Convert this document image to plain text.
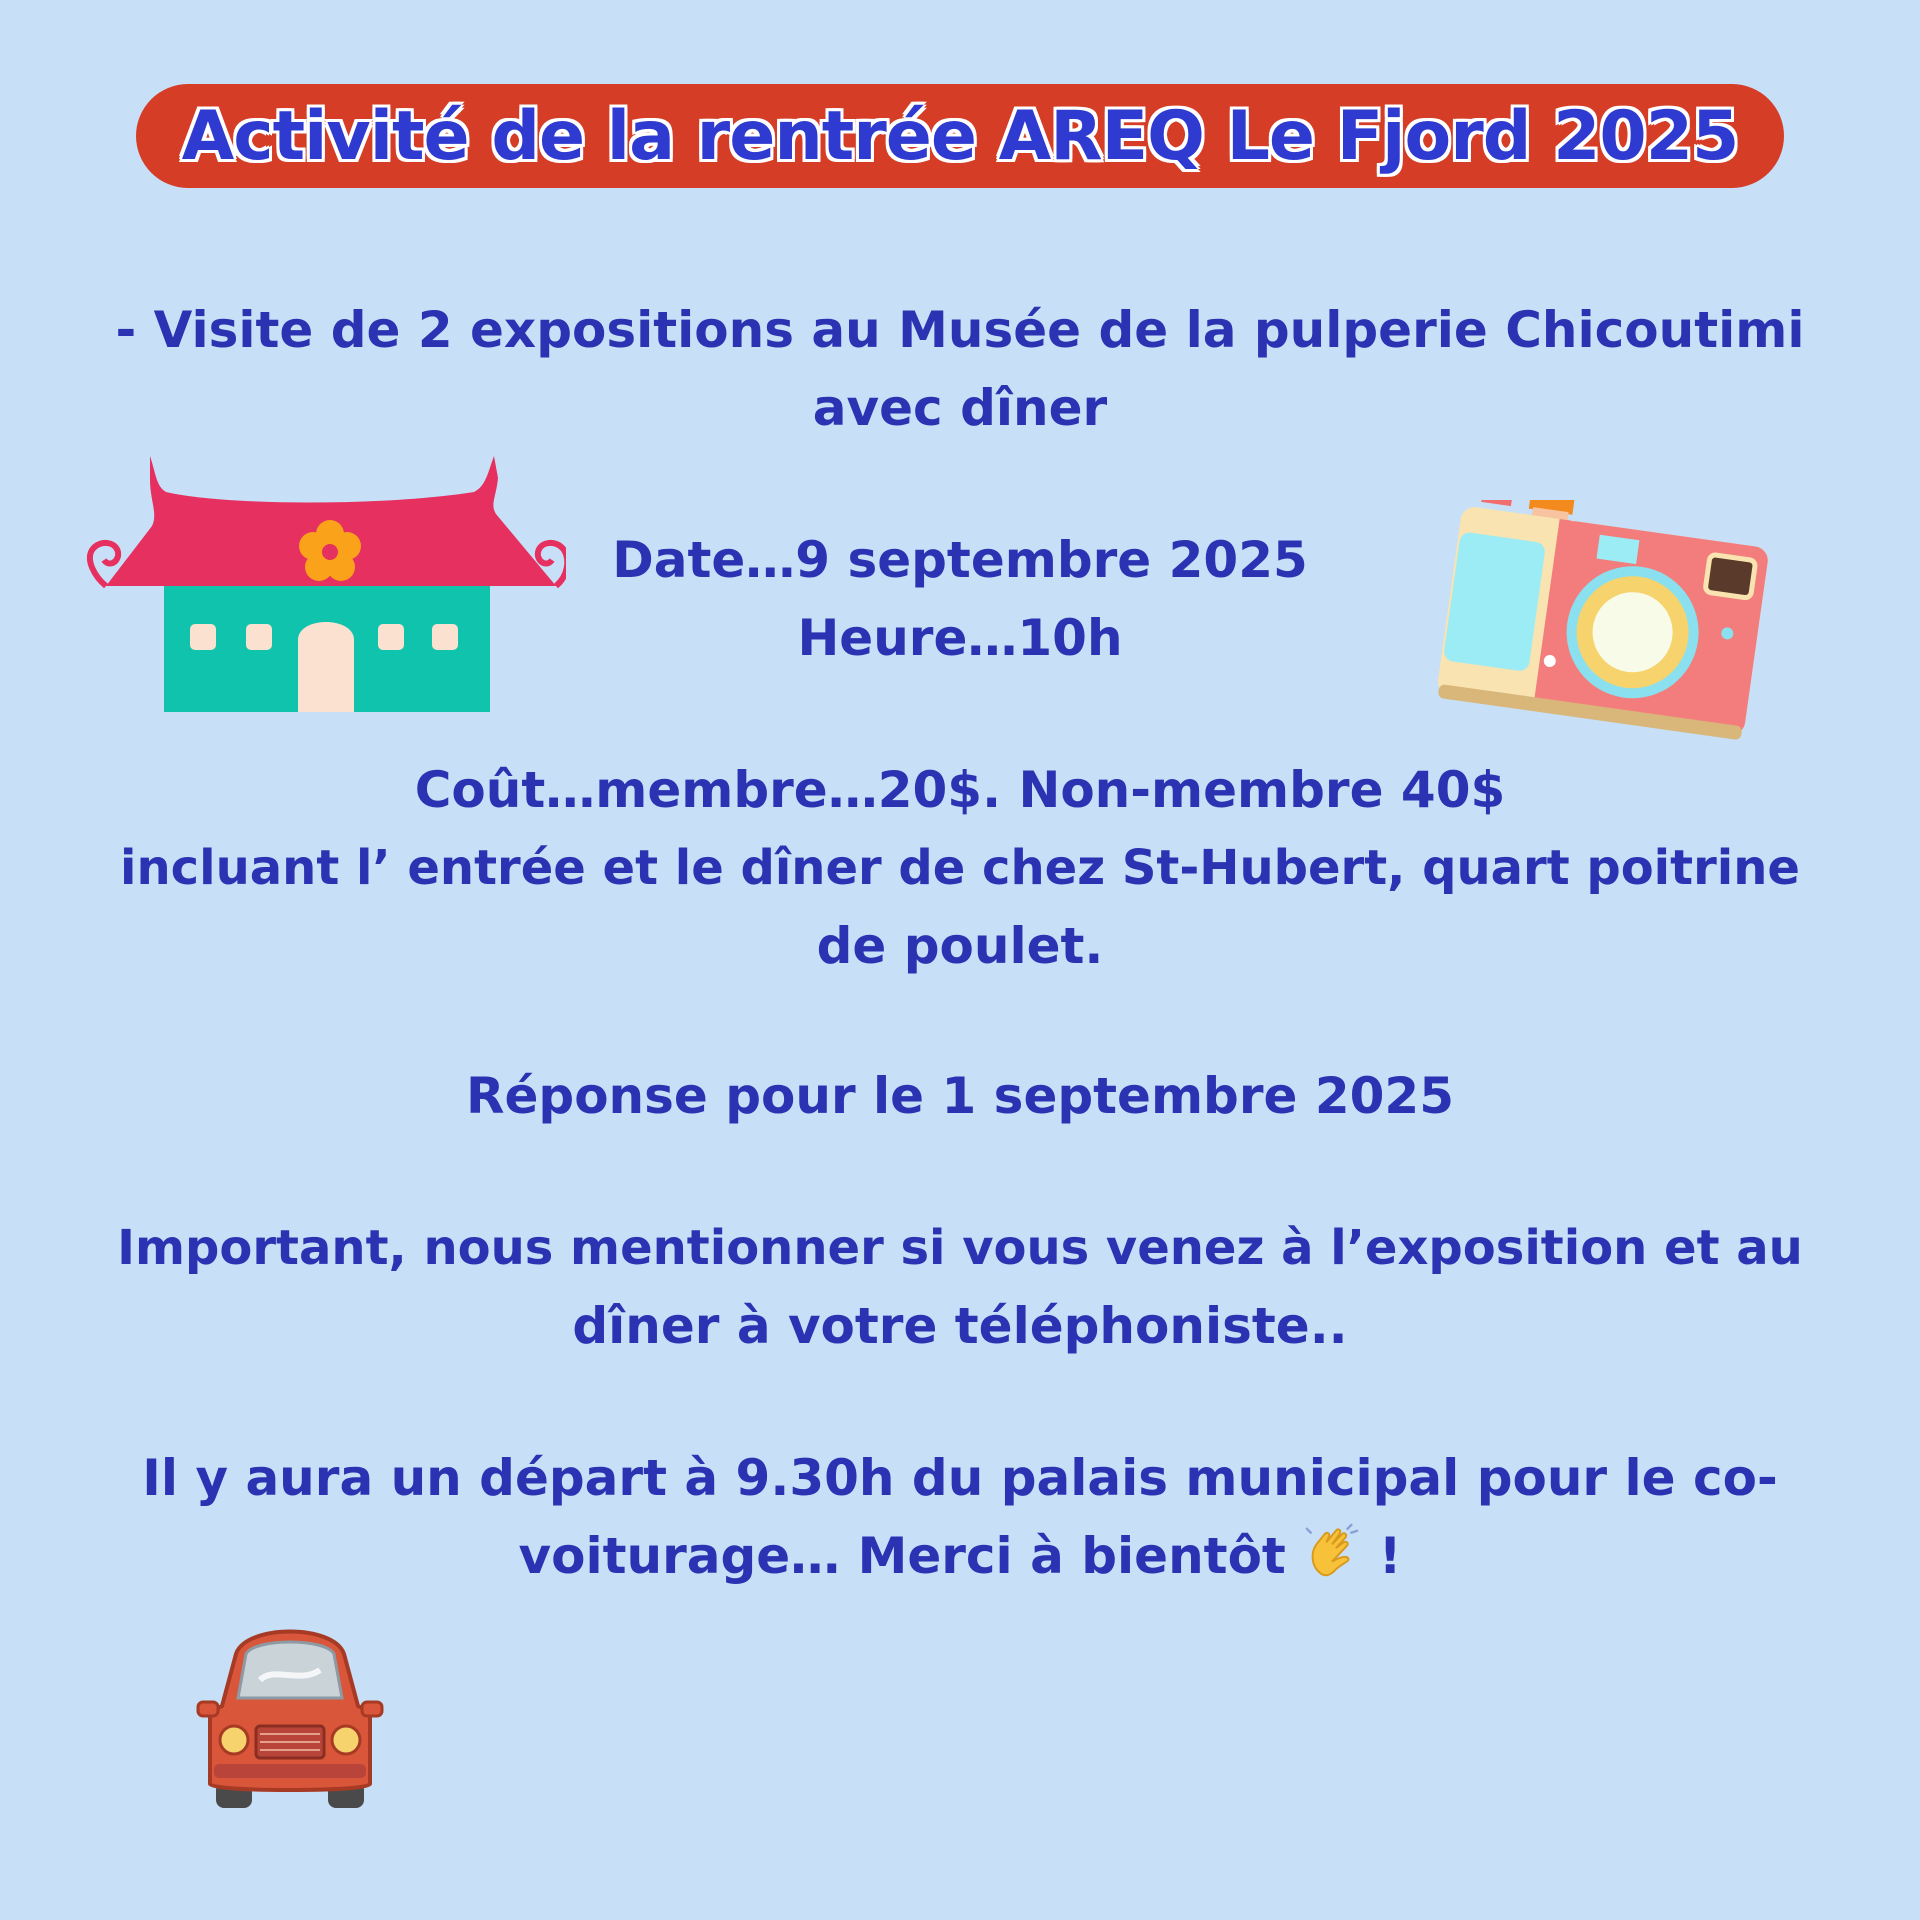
Activité de la rentrée AREQ Le Fjord 2025
- Visite de 2 expositions au Musée de la pulperie Chicoutimi
avec dîner
Date…9 septembre 2025
Heure…10h
Coût…membre…20$. Non-membre 40$
incluant l’ entrée et le dîner de chez St-Hubert, quart poitrine
de poulet.
Réponse pour le 1 septembre 2025
Important, nous mentionner si vous venez à l’exposition et au
dîner à votre téléphoniste..
Il y aura un départ à 9.30h du palais municipal pour le co-
voiturage… Merci à bientôt !
